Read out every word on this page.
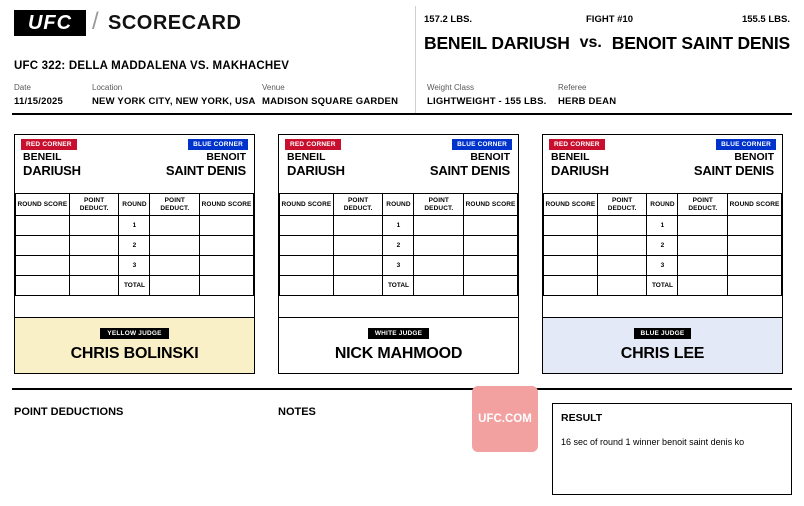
UFC / SCORECARD
UFC 322: DELLA MADDALENA VS. MAKHACHEV
Date
11/15/2025
Location
NEW YORK CITY, NEW YORK, USA
Venue
MADISON SQUARE GARDEN
Weight Class
LIGHTWEIGHT - 155 LBS.
Referee
HERB DEAN
157.2 LBS.	FIGHT #10	155.5 LBS.
BENEIL DARIUSH vs. BENOIT SAINT DENIS
RED CORNER	BLUE CORNER
BENEIL
DARIUSH
BENOIT
SAINT DENIS
ROUND SCORE	POINT DEDUCT.	ROUND	POINT DEDUCT.	ROUND SCORE
		1		
		2		
		3		
		TOTAL		
YELLOW JUDGE
CHRIS BOLINSKI
RED CORNER	BLUE CORNER
BENEIL
DARIUSH
BENOIT
SAINT DENIS
ROUND SCORE	POINT DEDUCT.	ROUND	POINT DEDUCT.	ROUND SCORE
		1		
		2		
		3		
		TOTAL		
WHITE JUDGE
NICK MAHMOOD
RED CORNER	BLUE CORNER
BENEIL
DARIUSH
BENOIT
SAINT DENIS
ROUND SCORE	POINT DEDUCT.	ROUND	POINT DEDUCT.	ROUND SCORE
		1		
		2		
		3		
		TOTAL		
BLUE JUDGE
CHRIS LEE
POINT DEDUCTIONS	NOTES
UFC.COM	RESULT
16 sec of round 1 winner benoit saint denis ko
